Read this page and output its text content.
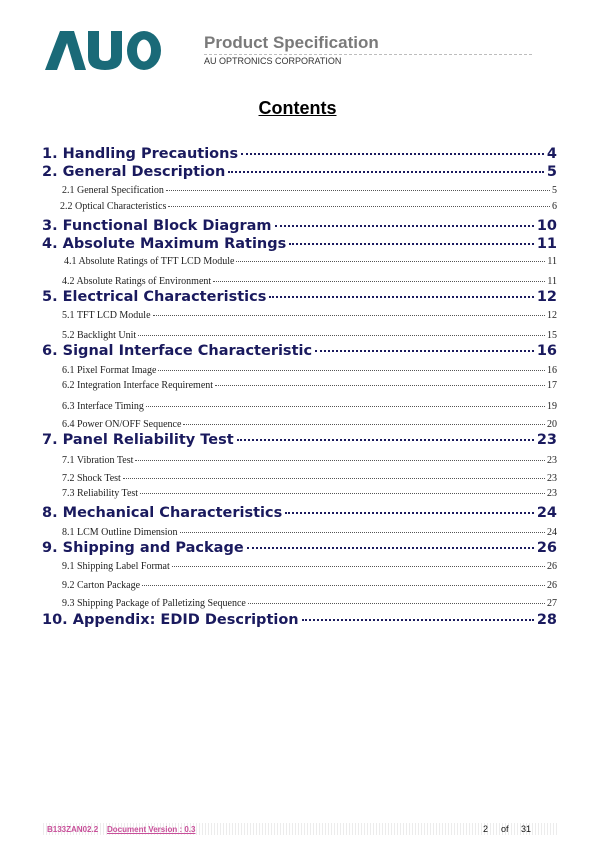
Product Specification
AU OPTRONICS CORPORATION
Contents
1. Handling Precautions	4
2. General Description	5
2.1 General Specification	5
2.2 Optical Characteristics	6
3. Functional Block Diagram	10
4. Absolute Maximum Ratings	11
4.1 Absolute Ratings of TFT LCD Module	11
4.2 Absolute Ratings of Environment	11
5. Electrical Characteristics	12
5.1 TFT LCD Module	12
5.2 Backlight Unit	15
6. Signal Interface Characteristic	16
6.1 Pixel Format Image	16
6.2 Integration Interface Requirement	17
6.3 Interface Timing	19
6.4 Power ON/OFF Sequence	20
7. Panel Reliability Test	23
7.1 Vibration Test	23
7.2 Shock Test	23
7.3 Reliability Test	23
8. Mechanical Characteristics	24
8.1 LCM Outline Dimension	24
9. Shipping and Package	26
9.1 Shipping Label Format	26
9.2 Carton Package	26
9.3 Shipping Package of Palletizing Sequence	27
10. Appendix: EDID Description	28
B133ZAN02.2 Document Version : 0.3	2 of 31
